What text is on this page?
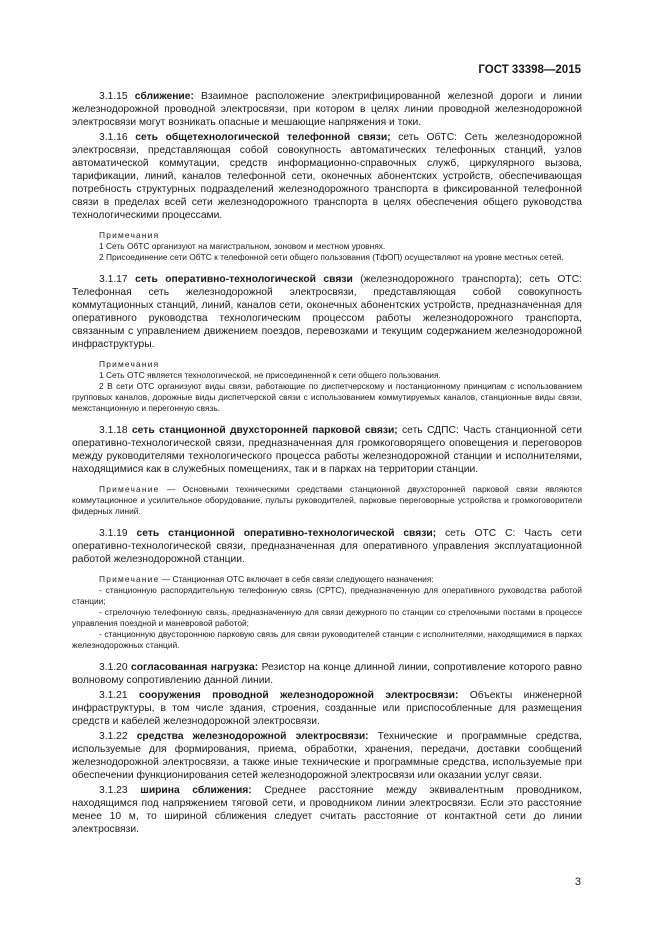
ГОСТ 33398—2015

3.1.15 сближение: Взаимное расположение электрифицированной железной дороги и линии железнодорожной проводной электросвязи, при котором в целях линии проводной железнодорожной электросвязи могут возникать опасные и мешающие напряжения и токи.

3.1.16 сеть общетехнологической телефонной связи; сеть ОбТС: Сеть железнодорожной электросвязи, представляющая собой совокупность автоматических телефонных станций, узлов автоматической коммутации, средств информационно-справочных служб, циркулярного вызова, тарификации, линий, каналов телефонной сети, оконечных абонентских устройств, обеспечивающая потребность структурных подразделений железнодорожного транспорта в фиксированной телефонной связи в пределах всей сети железнодорожного транспорта в целях обеспечения общего руководства технологическими процессами.

Примечания

1 Сеть ОбТС организуют на магистральном, зоновом и местном уровнях.

2 Присоединение сети ОбТС к телефонной сети общего пользования (ТфОП) осуществляют на уровне местных сетей.

3.1.17 сеть оперативно-технологической связи (железнодорожного транспорта); сеть ОТС: Телефонная сеть железнодорожной электросвязи, представляющая собой совокупность коммутационных станций, линий, каналов сети, оконечных абонентских устройств, предназначенная для оперативного руководства технологическим процессом работы железнодорожного транспорта, связанным с управлением движением поездов, перевозками и текущим содержанием железнодорожной инфраструктуры.

Примечания

1 Сеть ОТС является технологической, не присоединенной к сети общего пользования.

2 В сети ОТС организуют виды связи, работающие по диспетчерскому и постанционному принципам с использованием групповых каналов, дорожные виды диспетчерской связи с использованием коммутируемых каналов, станционные виды связи, межстанционную и перегонную связь.

3.1.18 сеть станционной двухсторонней парковой связи; сеть СДПС: Часть станционной сети оперативно-технологической связи, предназначенная для громкоговорящего оповещения и переговоров между руководителями технологического процесса работы железнодорожной станции и исполнителями, находящимися как в служебных помещениях, так и в парках на территории станции.

Примечание — Основными техническими средствами станционной двухсторонней парковой связи являются коммутационное и усилительное оборудование, пульты руководителей, парковые переговорные устройства и громкоговорители фидерных линий.

3.1.19 сеть станционной оперативно-технологической связи; сеть ОТС С: Часть сети оперативно-технологической связи, предназначенная для оперативного управления эксплуатационной работой железнодорожной станции.

Примечание — Станционная ОТС включает в себя связи следующего назначения:

- станционную распорядительную телефонную связь (СРТС), предназначенную для оперативного руководства работой станции;

- стрелочную телефонную связь, предназначенную для связи дежурного по станции со стрелочными постами в процессе управления поездной и маневровой работой;

- станционную двустороннюю парковую связь для связи руководителей станции с исполнителями, находящимися в парках железнодорожных станций.

3.1.20 согласованная нагрузка: Резистор на конце длинной линии, сопротивление которого равно волновому сопротивлению данной линии.

3.1.21 сооружения проводной железнодорожной электросвязи: Объекты инженерной инфраструктуры, в том числе здания, строения, созданные или приспособленные для размещения средств и кабелей железнодорожной электросвязи.

3.1.22 средства железнодорожной электросвязи: Технические и программные средства, используемые для формирования, приема, обработки, хранения, передачи, доставки сообщений железнодорожной электросвязи, а также иные технические и программные средства, используемые при обеспечении функционирования сетей железнодорожной электросвязи или оказании услуг связи.

3.1.23 ширина сближения: Среднее расстояние между эквивалентным проводником, находящимся под напряжением тяговой сети, и проводником линии электросвязи. Если это расстояние менее 10 м, то шириной сближения следует считать расстояние от контактной сети до линии электросвязи.

3
